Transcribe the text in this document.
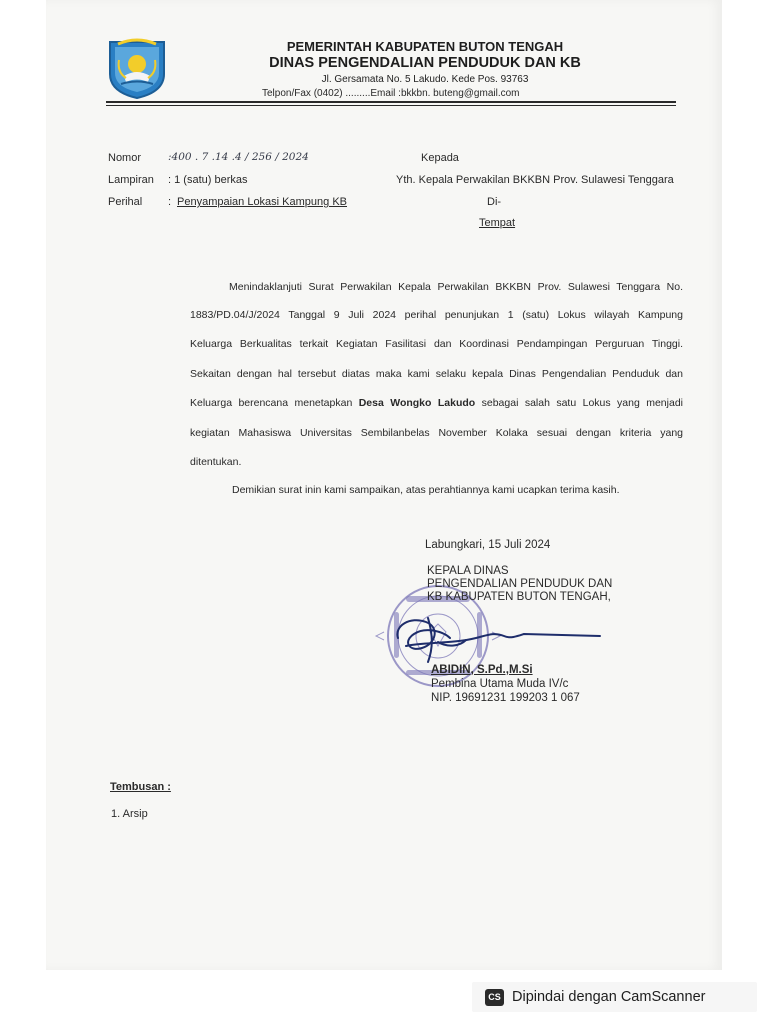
PEMERINTAH KABUPATEN BUTON TENGAH
DINAS PENGENDALIAN PENDUDUK DAN KB
Jl. Gersamata No. 5 Lakudo. Kede Pos. 93763
Telpon/Fax (0402) .........Email :bkkbn. buteng@gmail.com
Nomor	:400 . 7 .14 .4 / 256 / 2024
Lampiran : 1 (satu) berkas
Perihal : Penyampaian Lokasi Kampung KB
Kepada
Yth. Kepala Perwakilan BKKBN Prov. Sulawesi Tenggara
Di-
Tempat
Menindaklanjuti Surat Perwakilan Kepala Perwakilan BKKBN Prov. Sulawesi Tenggara No.
1883/PD.04/J/2024 Tanggal 9 Juli 2024 perihal penunjukan 1 (satu) Lokus wilayah Kampung
Keluarga Berkualitas terkait Kegiatan Fasilitasi dan Koordinasi Pendampingan Perguruan Tinggi.
Sekaitan dengan hal tersebut diatas maka kami selaku kepala Dinas Pengendalian Penduduk dan
Keluarga berencana menetapkan Desa Wongko Lakudo sebagai salah satu Lokus yang menjadi
kegiatan Mahasiswa Universitas Sembilanbelas November Kolaka sesuai dengan kriteria yang
ditentukan.
Demikian surat inin kami sampaikan, atas perahtiannya kami ucapkan terima kasih.
Labungkari, 15 Juli 2024
KEPALA DINAS
PENGENDALIAN PENDUDUK DAN
KB KABUPATEN BUTON TENGAH,
ABIDIN, S.Pd.,M.Si
Pembina Utama Muda IV/c
NIP. 19691231 199203 1 067
Tembusan :
1. Arsip
CS Dipindai dengan CamScanner
